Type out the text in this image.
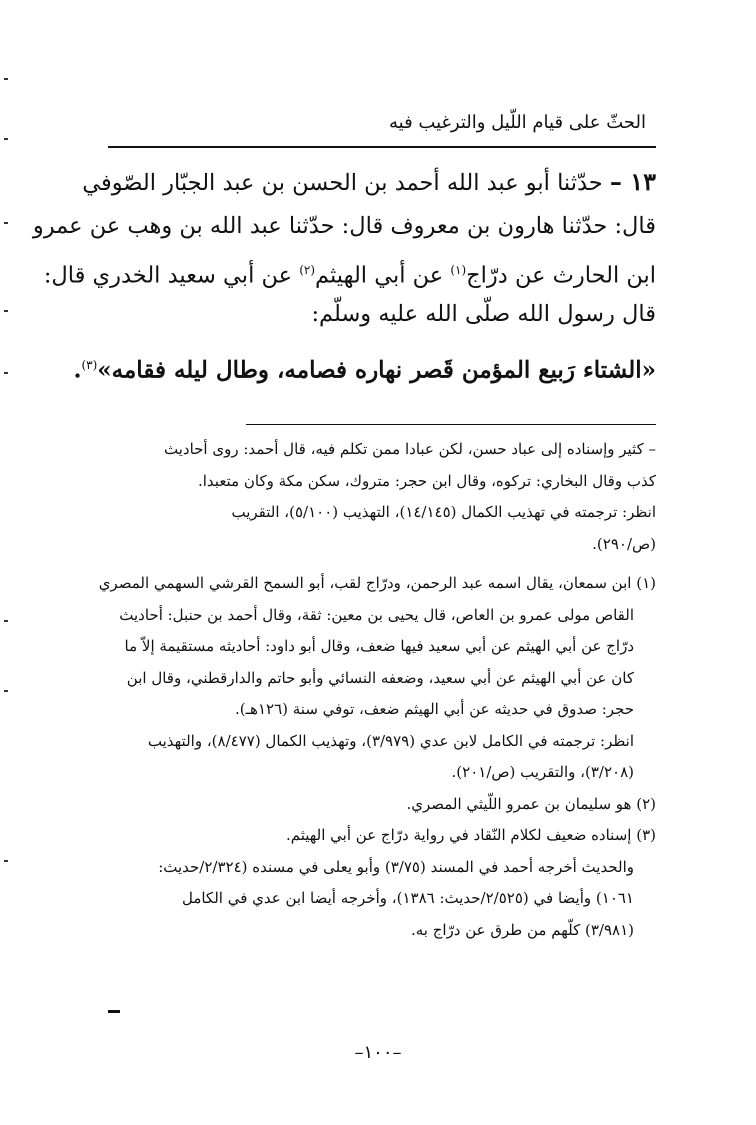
الحثّ على قيام اللّيل والترغيب فيه
١٣ – حدّثنا أبو عبد الله أحمد بن الحسن بن عبد الجبّار الصّوفي
قال: حدّثنا هارون بن معروف قال: حدّثنا عبد الله بن وهب عن عمرو
ابن الحارث عن درّاج$^{(١)}$ عن أبي الهيثم$^{(٢)}$ عن أبي سعيد الخدري قال:
قال رسول الله صلّى الله عليه وسلّم:
«الشتاء رَبيع المؤمن قَصر نهاره فصامه، وطال ليله فقامه»$^{(٣)}$.
– كثير وإسناده إلى عباد حسن، لكن عبادا ممن تكلم فيه، قال أحمد: روى أحاديث
كذب وقال البخاري: تركوه، وقال ابن حجر: متروك، سكن مكة وكان متعبدا.
انظر: ترجمته في تهذيب الكمال (١٤/١٤٥)، التهذيب (٥/١٠٠)، التقريب
(ص/٢٩٠).
(١) ابن سمعان، يقال اسمه عبد الرحمن، ودرّاج لقب، أبو السمح القرشي السهمي المصري
القاص مولى عمرو بن العاص، قال يحيى بن معين: ثقة، وقال أحمد بن حنبل: أحاديث
درّاج عن أبي الهيثم عن أبي سعيد فيها ضعف، وقال أبو داود: أحاديثه مستقيمة إلاّ ما
كان عن أبي الهيثم عن أبي سعيد، وضعفه النسائي وأبو حاتم والدارقطني، وقال ابن
حجر: صدوق في حديثه عن أبي الهيثم ضعف، توفي سنة (١٢٦هـ).
انظر: ترجمته في الكامل لابن عدي (٣/٩٧٩)، وتهذيب الكمال (٨/٤٧٧)، والتهذيب
(٣/٢٠٨)، والتقريب (ص/٢٠١).
(٢) هو سليمان بن عمرو اللّيثي المصري.
(٣) إسناده ضعيف لكلام النّقاد في رواية درّاج عن أبي الهيثم.
والحديث أخرجه أحمد في المسند (٣/٧٥) وأبو يعلى في مسنده (٢/٣٢٤/حديث:
١٠٦١) وأيضا في (٢/٥٢٥/حديث: ١٣٨٦)، وأخرجه أيضا ابن عدي في الكامل
(٣/٩٨١) كلّهم من طرق عن درّاج به.
–١٠٠–
